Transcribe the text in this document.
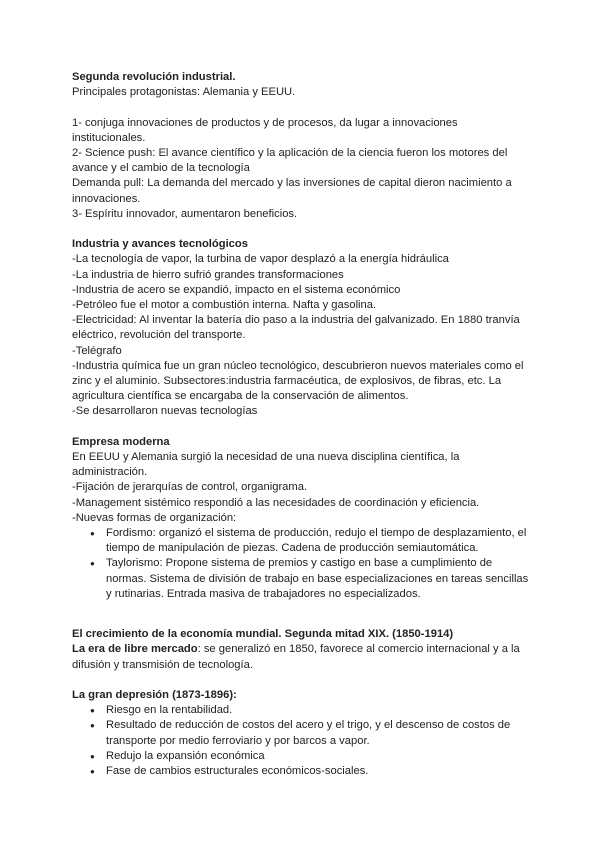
Segunda revolución industrial.
Principales protagonistas: Alemania y EEUU.
1- conjuga innovaciones de productos y de procesos, da lugar a innovaciones institucionales.
2- Science push: El avance científico y la aplicación de la ciencia fueron los motores del avance y el cambio de la tecnología
Demanda pull: La demanda del mercado y las inversiones de capital dieron nacimiento a innovaciones.
3- Espíritu innovador, aumentaron beneficios.
Industria y avances tecnológicos
-La tecnología de vapor, la turbina de vapor desplazó a la energía hidráulica
-La industria de hierro sufrió grandes transformaciones
-Industria de acero se expandió, impacto en el sistema económico
-Petróleo fue el motor a combustión interna. Nafta y gasolina.
-Electricidad: Al inventar la batería dio paso a la industria del galvanizado. En 1880 tranvía eléctrico, revolución del transporte.
-Telégrafo
-Industria química fue un gran núcleo tecnológico, descubrieron nuevos materiales como el zinc y el aluminio. Subsectores:industria farmacéutica, de explosivos, de fibras, etc. La agricultura científica se encargaba de la conservación de alimentos.
-Se desarrollaron nuevas tecnologías
Empresa moderna
En EEUU y Alemania surgió la necesidad de una nueva disciplina científica, la administración.
-Fijación de jerarquías de control, organigrama.
-Management sistémico respondió a las necesidades de coordinación y eficiencia.
-Nuevas formas de organización:
● Fordismo: organizó el sistema de producción, redujo el tiempo de desplazamiento, el tiempo de manipulación de piezas. Cadena de producción semiautomática.
● Taylorismo: Propone sistema de premios y castigo en base a cumplimiento de normas. Sistema de división de trabajo en base especializaciones en tareas sencillas y rutinarias. Entrada masiva de trabajadores no especializados.
El crecimiento de la economía mundial. Segunda mitad XIX. (1850-1914)
La era de libre mercado: se generalizó en 1850, favorece al comercio internacional y a la difusión y transmisión de tecnología.
La gran depresión (1873-1896):
● Riesgo en la rentabilidad.
● Resultado de reducción de costos del acero y el trigo, y el descenso de costos de transporte por medio ferroviario y por barcos a vapor.
● Redujo la expansión económica
● Fase de cambios estructurales económicos-sociales.
